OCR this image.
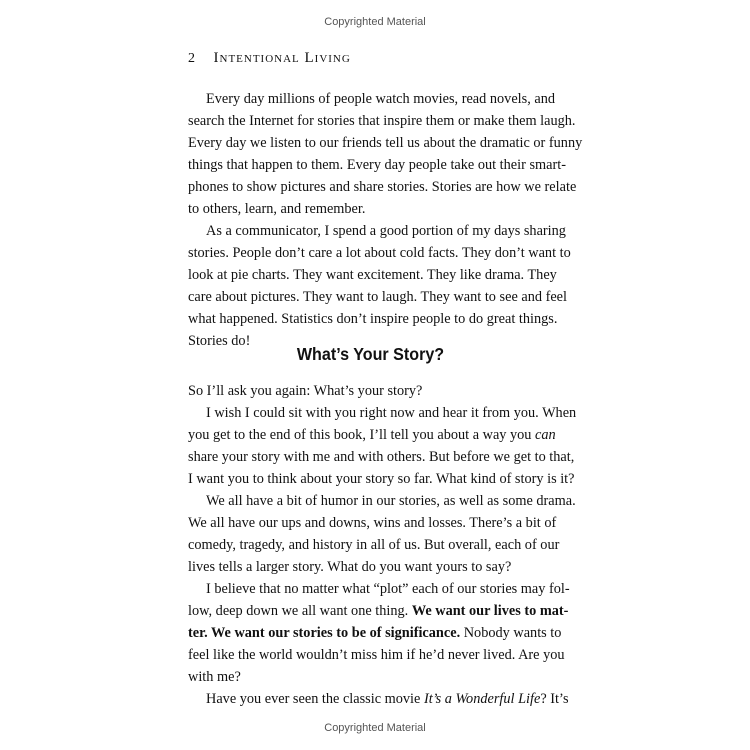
Copyrighted Material
2 Intentional Living
Every day millions of people watch movies, read novels, and
search the Internet for stories that inspire them or make them laugh.
Every day we listen to our friends tell us about the dramatic or funny
things that happen to them. Every day people take out their smart-
phones to show pictures and share stories. Stories are how we relate
to others, learn, and remember.
As a communicator, I spend a good portion of my days sharing
stories. People don’t care a lot about cold facts. They don’t want to
look at pie charts. They want excitement. They like drama. They
care about pictures. They want to laugh. They want to see and feel
what happened. Statistics don’t inspire people to do great things.
Stories do!
What’s Your Story?
So I’ll ask you again: What’s your story?
I wish I could sit with you right now and hear it from you. When
you get to the end of this book, I’ll tell you about a way you can
share your story with me and with others. But before we get to that,
I want you to think about your story so far. What kind of story is it?
We all have a bit of humor in our stories, as well as some drama.
We all have our ups and downs, wins and losses. There’s a bit of
comedy, tragedy, and history in all of us. But overall, each of our
lives tells a larger story. What do you want yours to say?
I believe that no matter what “plot” each of our stories may fol-
low, deep down we all want one thing. We want our lives to mat-
ter. We want our stories to be of significance. Nobody wants to
feel like the world wouldn’t miss him if he’d never lived. Are you
with me?
Have you ever seen the classic movie It’s a Wonderful Life? It’s
Copyrighted Material
